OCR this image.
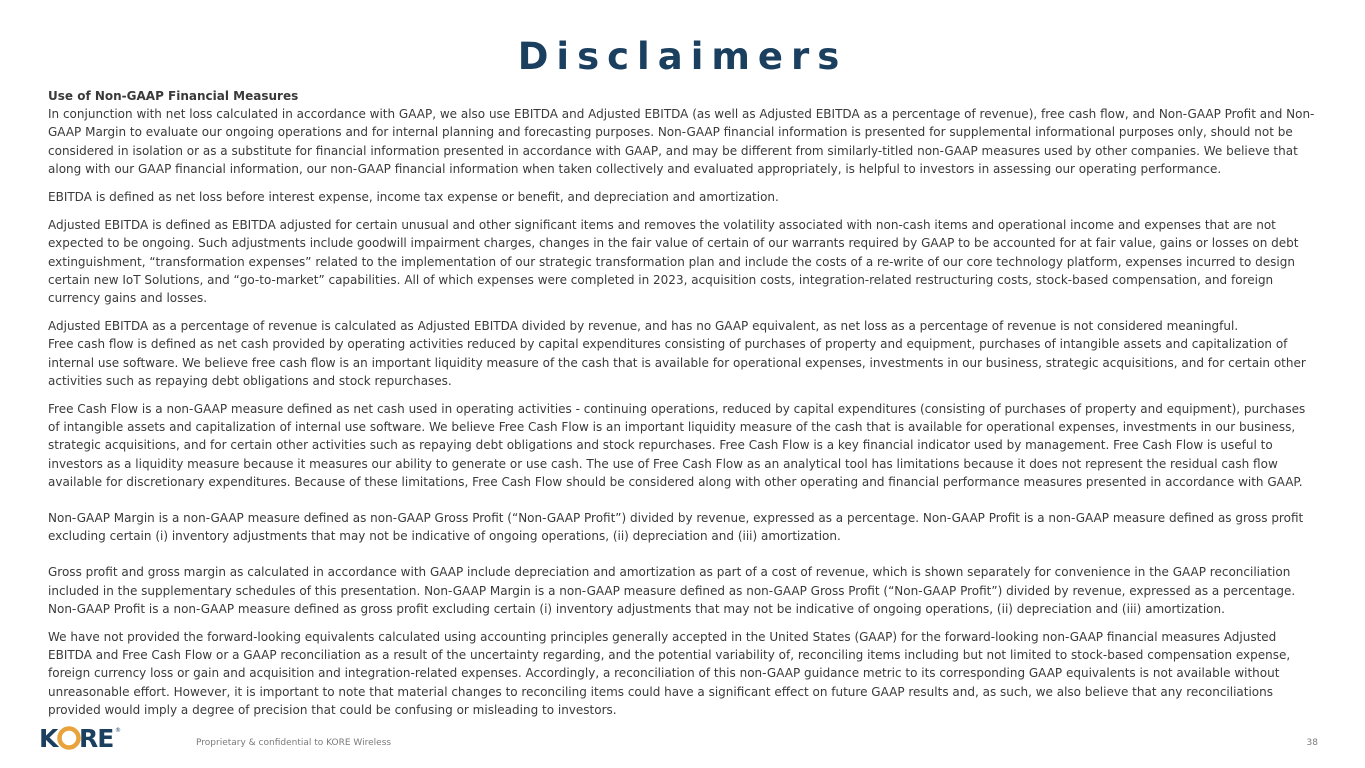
Disclaimers

Use of Non-GAAP Financial Measures
In conjunction with net loss calculated in accordance with GAAP, we also use EBITDA and Adjusted EBITDA (as well as Adjusted EBITDA as a percentage of revenue), free cash flow, and Non-GAAP Profit and Non-GAAP Margin to evaluate our ongoing operations and for internal planning and forecasting purposes. Non-GAAP financial information is presented for supplemental informational purposes only, should not be considered in isolation or as a substitute for financial information presented in accordance with GAAP, and may be different from similarly-titled non-GAAP measures used by other companies. We believe that along with our GAAP financial information, our non-GAAP financial information when taken collectively and evaluated appropriately, is helpful to investors in assessing our operating performance.

EBITDA is defined as net loss before interest expense, income tax expense or benefit, and depreciation and amortization.

Adjusted EBITDA is defined as EBITDA adjusted for certain unusual and other significant items and removes the volatility associated with non-cash items and operational income and expenses that are not expected to be ongoing. Such adjustments include goodwill impairment charges, changes in the fair value of certain of our warrants required by GAAP to be accounted for at fair value, gains or losses on debt extinguishment, “transformation expenses” related to the implementation of our strategic transformation plan and include the costs of a re-write of our core technology platform, expenses incurred to design certain new IoT Solutions, and “go-to-market” capabilities. All of which expenses were completed in 2023, acquisition costs, integration-related restructuring costs, stock-based compensation, and foreign currency gains and losses.

Adjusted EBITDA as a percentage of revenue is calculated as Adjusted EBITDA divided by revenue, and has no GAAP equivalent, as net loss as a percentage of revenue is not considered meaningful.
Free cash flow is defined as net cash provided by operating activities reduced by capital expenditures consisting of purchases of property and equipment, purchases of intangible assets and capitalization of internal use software. We believe free cash flow is an important liquidity measure of the cash that is available for operational expenses, investments in our business, strategic acquisitions, and for certain other activities such as repaying debt obligations and stock repurchases.

Free Cash Flow is a non-GAAP measure defined as net cash used in operating activities - continuing operations, reduced by capital expenditures (consisting of purchases of property and equipment), purchases of intangible assets and capitalization of internal use software. We believe Free Cash Flow is an important liquidity measure of the cash that is available for operational expenses, investments in our business, strategic acquisitions, and for certain other activities such as repaying debt obligations and stock repurchases. Free Cash Flow is a key financial indicator used by management. Free Cash Flow is useful to investors as a liquidity measure because it measures our ability to generate or use cash. The use of Free Cash Flow as an analytical tool has limitations because it does not represent the residual cash flow available for discretionary expenditures. Because of these limitations, Free Cash Flow should be considered along with other operating and financial performance measures presented in accordance with GAAP.

Non-GAAP Margin is a non-GAAP measure defined as non-GAAP Gross Profit (“Non-GAAP Profit”) divided by revenue, expressed as a percentage. Non-GAAP Profit is a non-GAAP measure defined as gross profit excluding certain (i) inventory adjustments that may not be indicative of ongoing operations, (ii) depreciation and (iii) amortization.

Gross profit and gross margin as calculated in accordance with GAAP include depreciation and amortization as part of a cost of revenue, which is shown separately for convenience in the GAAP reconciliation included in the supplementary schedules of this presentation. Non-GAAP Margin is a non-GAAP measure defined as non-GAAP Gross Profit (“Non-GAAP Profit”) divided by revenue, expressed as a percentage. Non-GAAP Profit is a non-GAAP measure defined as gross profit excluding certain (i) inventory adjustments that may not be indicative of ongoing operations, (ii) depreciation and (iii) amortization.

We have not provided the forward-looking equivalents calculated using accounting principles generally accepted in the United States (GAAP) for the forward-looking non-GAAP financial measures Adjusted EBITDA and Free Cash Flow or a GAAP reconciliation as a result of the uncertainty regarding, and the potential variability of, reconciling items including but not limited to stock-based compensation expense, foreign currency loss or gain and acquisition and integration-related expenses. Accordingly, a reconciliation of this non-GAAP guidance metric to its corresponding GAAP equivalents is not available without unreasonable effort. However, it is important to note that material changes to reconciling items could have a significant effect on future GAAP results and, as such, we also believe that any reconciliations provided would imply a degree of precision that could be confusing or misleading to investors.

K RE ®
Proprietary & confidential to KORE Wireless	38
